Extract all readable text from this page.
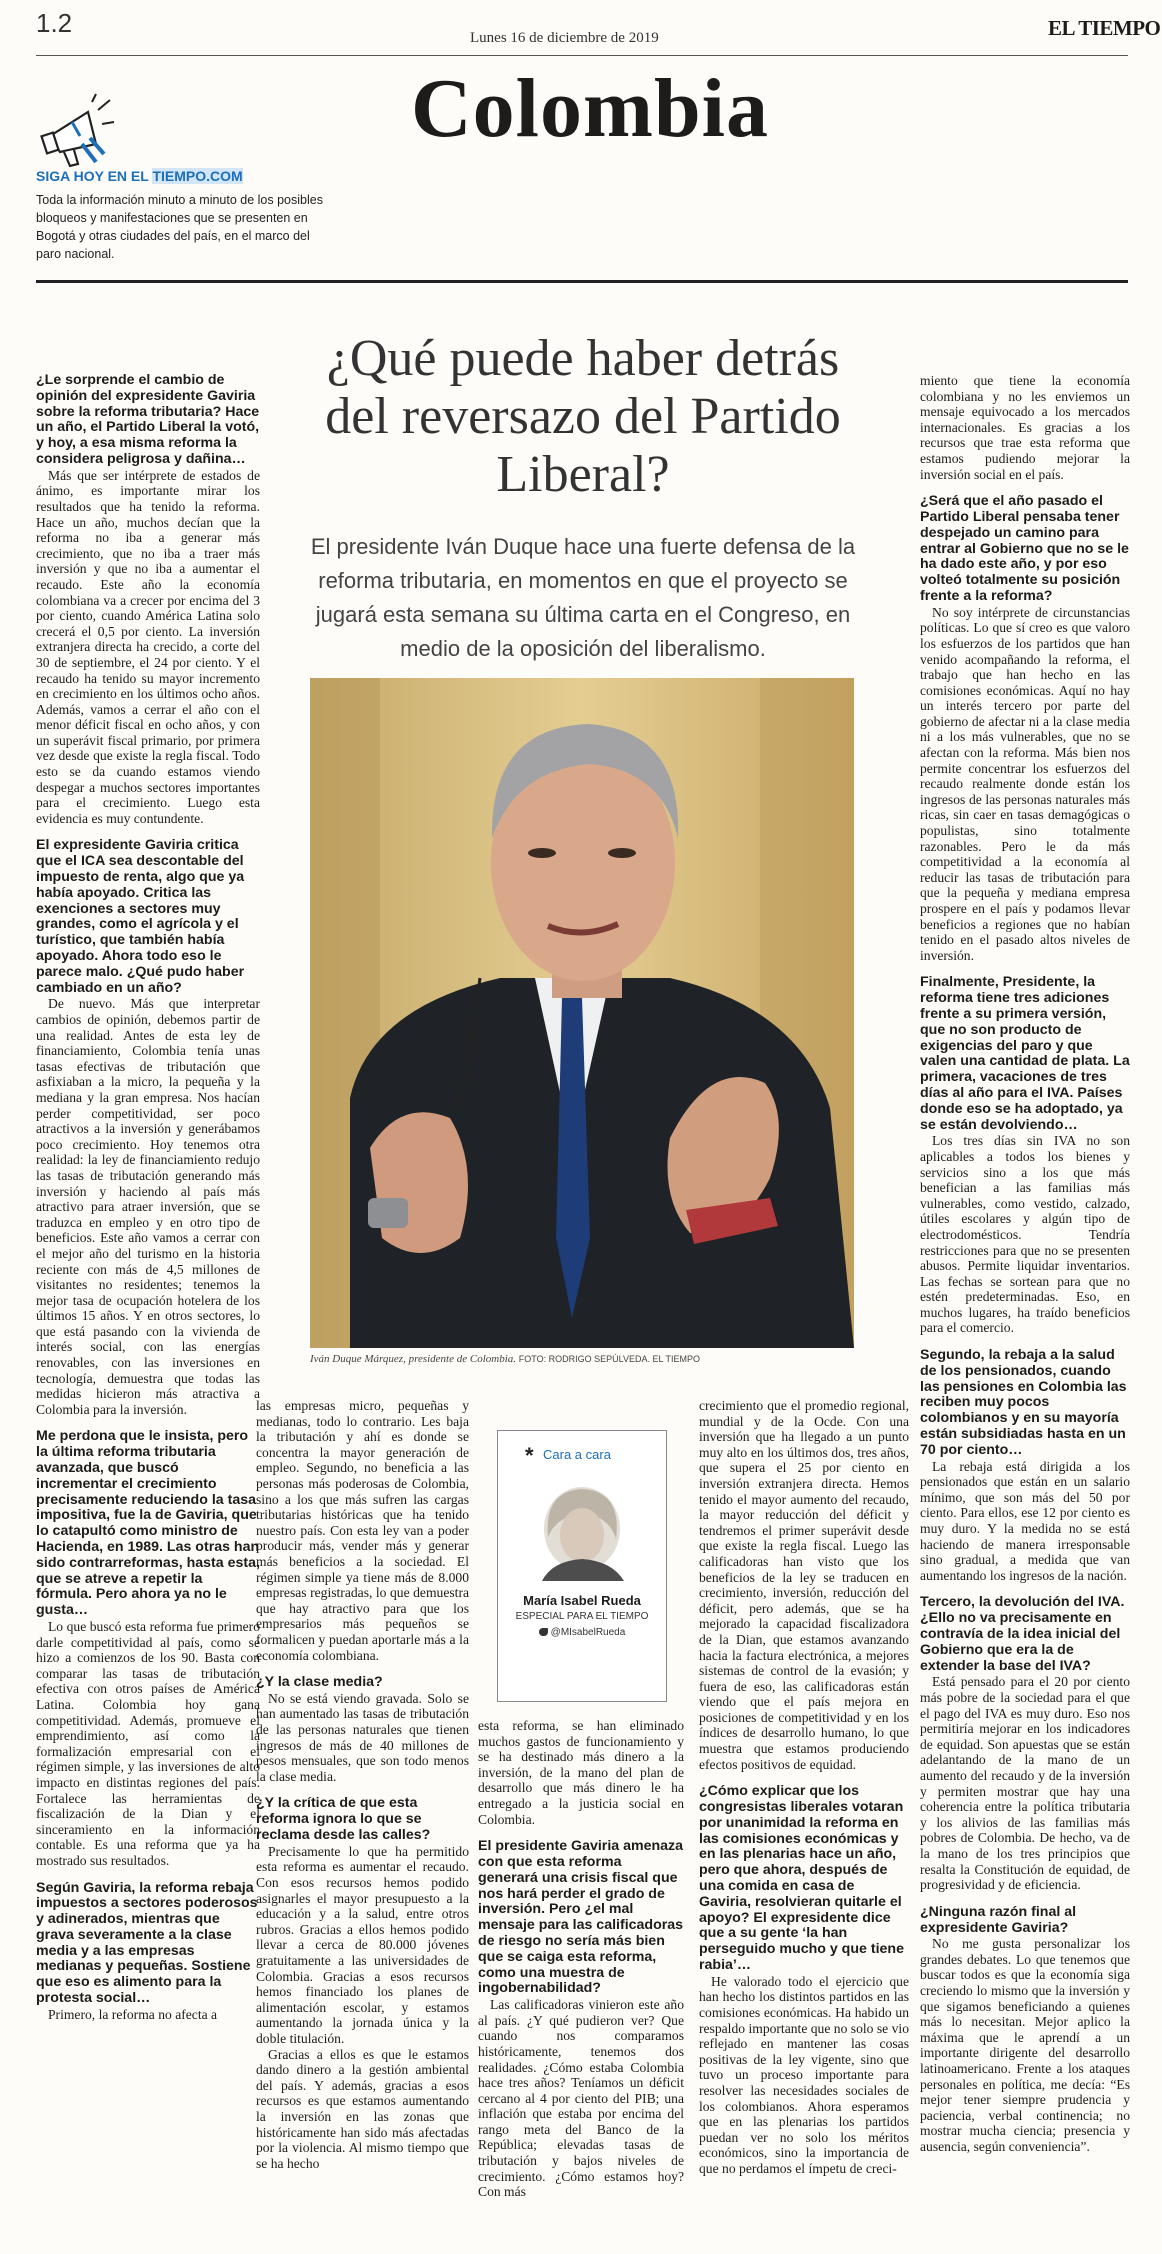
1.2	Lunes 16 de diciembre de 2019	EL TIEMPO
Colombia
SIGA HOY EN EL TIEMPO.COM
Toda la información minuto a minuto de los posibles bloqueos y manifestaciones que se presenten en Bogotá y otras ciudades del país, en el marco del paro nacional.
¿Qué puede haber detrás del reversazo del Partido Liberal?
El presidente Iván Duque hace una fuerte defensa de la reforma tributaria, en momentos en que el proyecto se jugará esta semana su última carta en el Congreso, en medio de la oposición del liberalismo.
Iván Duque Márquez, presidente de Colombia. FOTO: RODRIGO SEPÚLVEDA. EL TIEMPO

¿Le sorprende el cambio de opinión del expresidente Gaviria sobre la reforma tributaria? Hace un año, el Partido Liberal la votó, y hoy, a esa misma reforma la considera peligrosa y dañina…

Más que ser intérprete de estados de ánimo, es importante mirar los resultados que ha tenido la reforma. Hace un año, muchos decían que la reforma no iba a generar más crecimiento, que no iba a traer más inversión y que no iba a aumentar el recaudo. Este año la economía colombiana va a crecer por encima del 3 por ciento, cuando América Latina solo crecerá el 0,5 por ciento. La inversión extranjera directa ha crecido, a corte del 30 de septiembre, el 24 por ciento. Y el recaudo ha tenido su mayor incremento en crecimiento en los últimos ocho años. Además, vamos a cerrar el año con el menor déficit fiscal en ocho años, y con un superávit fiscal primario, por primera vez desde que existe la regla fiscal. Todo esto se da cuando estamos viendo despegar a muchos sectores importantes para el crecimiento. Luego esta evidencia es muy contundente.

El expresidente Gaviria critica que el ICA sea descontable del impuesto de renta, algo que ya había apoyado. Critica las exenciones a sectores muy grandes, como el agrícola y el turístico, que también había apoyado. Ahora todo eso le parece malo. ¿Qué pudo haber cambiado en un año?

De nuevo. Más que interpretar cambios de opinión, debemos partir de una realidad. Antes de esta ley de financiamiento, Colombia tenía unas tasas efectivas de tributación que asfixiaban a la micro, la pequeña y la mediana y la gran empresa. Nos hacían perder competitividad, ser poco atractivos a la inversión y generábamos poco crecimiento. Hoy tenemos otra realidad: la ley de financiamiento redujo las tasas de tributación generando más inversión y haciendo al país más atractivo para atraer inversión, que se traduzca en empleo y en otro tipo de beneficios. Este año vamos a cerrar con el mejor año del turismo en la historia reciente con más de 4,5 millones de visitantes no residentes; tenemos la mejor tasa de ocupación hotelera de los últimos 15 años. Y en otros sectores, lo que está pasando con la vivienda de interés social, con las energías renovables, con las inversiones en tecnología, demuestra que todas las medidas hicieron más atractiva a Colombia para la inversión.

Me perdona que le insista, pero la última reforma tributaria avanzada, que buscó incrementar el crecimiento precisamente reduciendo la tasa impositiva, fue la de Gaviria, que lo catapultó como ministro de Hacienda, en 1989. Las otras han sido contrarreformas, hasta esta, que se atreve a repetir la fórmula. Pero ahora ya no le gusta…

Lo que buscó esta reforma fue primero darle competitividad al país, como se hizo a comienzos de los 90. Basta con comparar las tasas de tributación efectiva con otros países de América Latina. Colombia hoy gana competitividad. Además, promueve el emprendimiento, así como la formalización empresarial con el régimen simple, y las inversiones de alto impacto en distintas regiones del país. Fortalece las herramientas de fiscalización de la Dian y el sinceramiento en la información contable. Es una reforma que ya ha mostrado sus resultados.

Según Gaviria, la reforma rebaja impuestos a sectores poderosos y adinerados, mientras que grava severamente a la clase media y a las empresas medianas y pequeñas. Sostiene que eso es alimento para la protesta social…

Primero, la reforma no afecta a

las empresas micro, pequeñas y medianas, todo lo contrario. Les baja la tributación y ahí es donde se concentra la mayor generación de empleo. Segundo, no beneficia a las personas más poderosas de Colombia, sino a los que más sufren las cargas tributarias históricas que ha tenido nuestro país. Con esta ley van a poder producir más, vender más y generar más beneficios a la sociedad. El régimen simple ya tiene más de 8.000 empresas registradas, lo que demuestra que hay atractivo para que los empresarios más pequeños se formalicen y puedan aportarle más a la economía colombiana.

¿Y la clase media?

No se está viendo gravada. Solo se han aumentado las tasas de tributación de las personas naturales que tienen ingresos de más de 40 millones de pesos mensuales, que son todo menos la clase media.

¿Y la crítica de que esta reforma ignora lo que se reclama desde las calles?

Precisamente lo que ha permitido esta reforma es aumentar el recaudo. Con esos recursos hemos podido asignarles el mayor presupuesto a la educación y a la salud, entre otros rubros. Gracias a ellos hemos podido llevar a cerca de 80.000 jóvenes gratuitamente a las universidades de Colombia. Gracias a esos recursos hemos financiado los planes de alimentación escolar, y estamos aumentando la jornada única y la doble titulación.

Gracias a ellos es que le estamos dando dinero a la gestión ambiental del país. Y además, gracias a esos recursos es que estamos aumentando la inversión en las zonas que históricamente han sido más afectadas por la violencia. Al mismo tiempo que se ha hecho

esta reforma, se han eliminado muchos gastos de funcionamiento y se ha destinado más dinero a la inversión, de la mano del plan de desarrollo que más dinero le ha entregado a la justicia social en Colombia.

El presidente Gaviria amenaza con que esta reforma generará una crisis fiscal que nos hará perder el grado de inversión. Pero ¿el mal mensaje para las calificadoras de riesgo no sería más bien que se caiga esta reforma, como una muestra de ingobernabilidad?

Las calificadoras vinieron este año al país. ¿Y qué pudieron ver? Que cuando nos comparamos históricamente, tenemos dos realidades. ¿Cómo estaba Colombia hace tres años? Teníamos un déficit cercano al 4 por ciento del PIB; una inflación que estaba por encima del rango meta del Banco de la República; elevadas tasas de tributación y bajos niveles de crecimiento. ¿Cómo estamos hoy? Con más

crecimiento que el promedio regional, mundial y de la Ocde. Con una inversión que ha llegado a un punto muy alto en los últimos dos, tres años, que supera el 25 por ciento en inversión extranjera directa. Hemos tenido el mayor aumento del recaudo, la mayor reducción del déficit y tendremos el primer superávit desde que existe la regla fiscal. Luego las calificadoras han visto que los beneficios de la ley se traducen en crecimiento, inversión, reducción del déficit, pero además, que se ha mejorado la capacidad fiscalizadora de la Dian, que estamos avanzando hacia la factura electrónica, a mejores sistemas de control de la evasión; y fuera de eso, las calificadoras están viendo que el país mejora en posiciones de competitividad y en los índices de desarrollo humano, lo que muestra que estamos produciendo efectos positivos de equidad.

¿Cómo explicar que los congresistas liberales votaran por unanimidad la reforma en las comisiones económicas y en las plenarias hace un año, pero que ahora, después de una comida en casa de Gaviria, resolvieran quitarle el apoyo? El expresidente dice que a su gente ‘la han perseguido mucho y que tiene rabia’…

He valorado todo el ejercicio que han hecho los distintos partidos en las comisiones económicas. Ha habido un respaldo importante que no solo se vio reflejado en mantener las cosas positivas de la ley vigente, sino que tuvo un proceso importante para resolver las necesidades sociales de los colombianos. Ahora esperamos que en las plenarias los partidos puedan ver no solo los méritos económicos, sino la importancia de que no perdamos el ímpetu de creci-

miento que tiene la economía colombiana y no les enviemos un mensaje equivocado a los mercados internacionales. Es gracias a los recursos que trae esta reforma que estamos pudiendo mejorar la inversión social en el país.

¿Será que el año pasado el Partido Liberal pensaba tener despejado un camino para entrar al Gobierno que no se le ha dado este año, y por eso volteó totalmente su posición frente a la reforma?

No soy intérprete de circunstancias políticas. Lo que sí creo es que valoro los esfuerzos de los partidos que han venido acompañando la reforma, el trabajo que han hecho en las comisiones económicas. Aquí no hay un interés tercero por parte del gobierno de afectar ni a la clase media ni a los más vulnerables, que no se afectan con la reforma. Más bien nos permite concentrar los esfuerzos del recaudo realmente donde están los ingresos de las personas naturales más ricas, sin caer en tasas demagógicas o populistas, sino totalmente razonables. Pero le da más competitividad a la economía al reducir las tasas de tributación para que la pequeña y mediana empresa prospere en el país y podamos llevar beneficios a regiones que no habían tenido en el pasado altos niveles de inversión.

Finalmente, Presidente, la reforma tiene tres adiciones frente a su primera versión, que no son producto de exigencias del paro y que valen una cantidad de plata. La primera, vacaciones de tres días al año para el IVA. Países donde eso se ha adoptado, ya se están devolviendo…

Los tres días sin IVA no son aplicables a todos los bienes y servicios sino a los que más benefician a las familias más vulnerables, como vestido, calzado, útiles escolares y algún tipo de electrodomésticos. Tendría restricciones para que no se presenten abusos. Permite liquidar inventarios. Las fechas se sortean para que no estén predeterminadas. Eso, en muchos lugares, ha traído beneficios para el comercio.

Segundo, la rebaja a la salud de los pensionados, cuando las pensiones en Colombia las reciben muy pocos colombianos y en su mayoría están subsidiadas hasta en un 70 por ciento…

La rebaja está dirigida a los pensionados que están en un salario mínimo, que son más del 50 por ciento. Para ellos, ese 12 por ciento es muy duro. Y la medida no se está haciendo de manera irresponsable sino gradual, a medida que van aumentando los ingresos de la nación.

Tercero, la devolución del IVA. ¿Ello no va precisamente en contravía de la idea inicial del Gobierno que era la de extender la base del IVA?

Está pensado para el 20 por ciento más pobre de la sociedad para el que el pago del IVA es muy duro. Eso nos permitiría mejorar en los indicadores de equidad. Son apuestas que se están adelantando de la mano de un aumento del recaudo y de la inversión y permiten mostrar que hay una coherencia entre la política tributaria y los alivios de las familias más pobres de Colombia. De hecho, va de la mano de los tres principios que resalta la Constitución de equidad, de progresividad y de eficiencia.

¿Ninguna razón final al expresidente Gaviria?

No me gusta personalizar los grandes debates. Lo que tenemos que buscar todos es que la economía siga creciendo lo mismo que la inversión y que sigamos beneficiando a quienes más lo necesitan. Mejor aplico la máxima que le aprendí a un importante dirigente del desarrollo latinoamericano. Frente a los ataques personales en política, me decía: “Es mejor tener siempre prudencia y paciencia, verbal continencia; no mostrar mucha ciencia; presencia y ausencia, según conveniencia”.

* Cara a cara
María Isabel Rueda
ESPECIAL PARA EL TIEMPO
@MIsabelRueda
